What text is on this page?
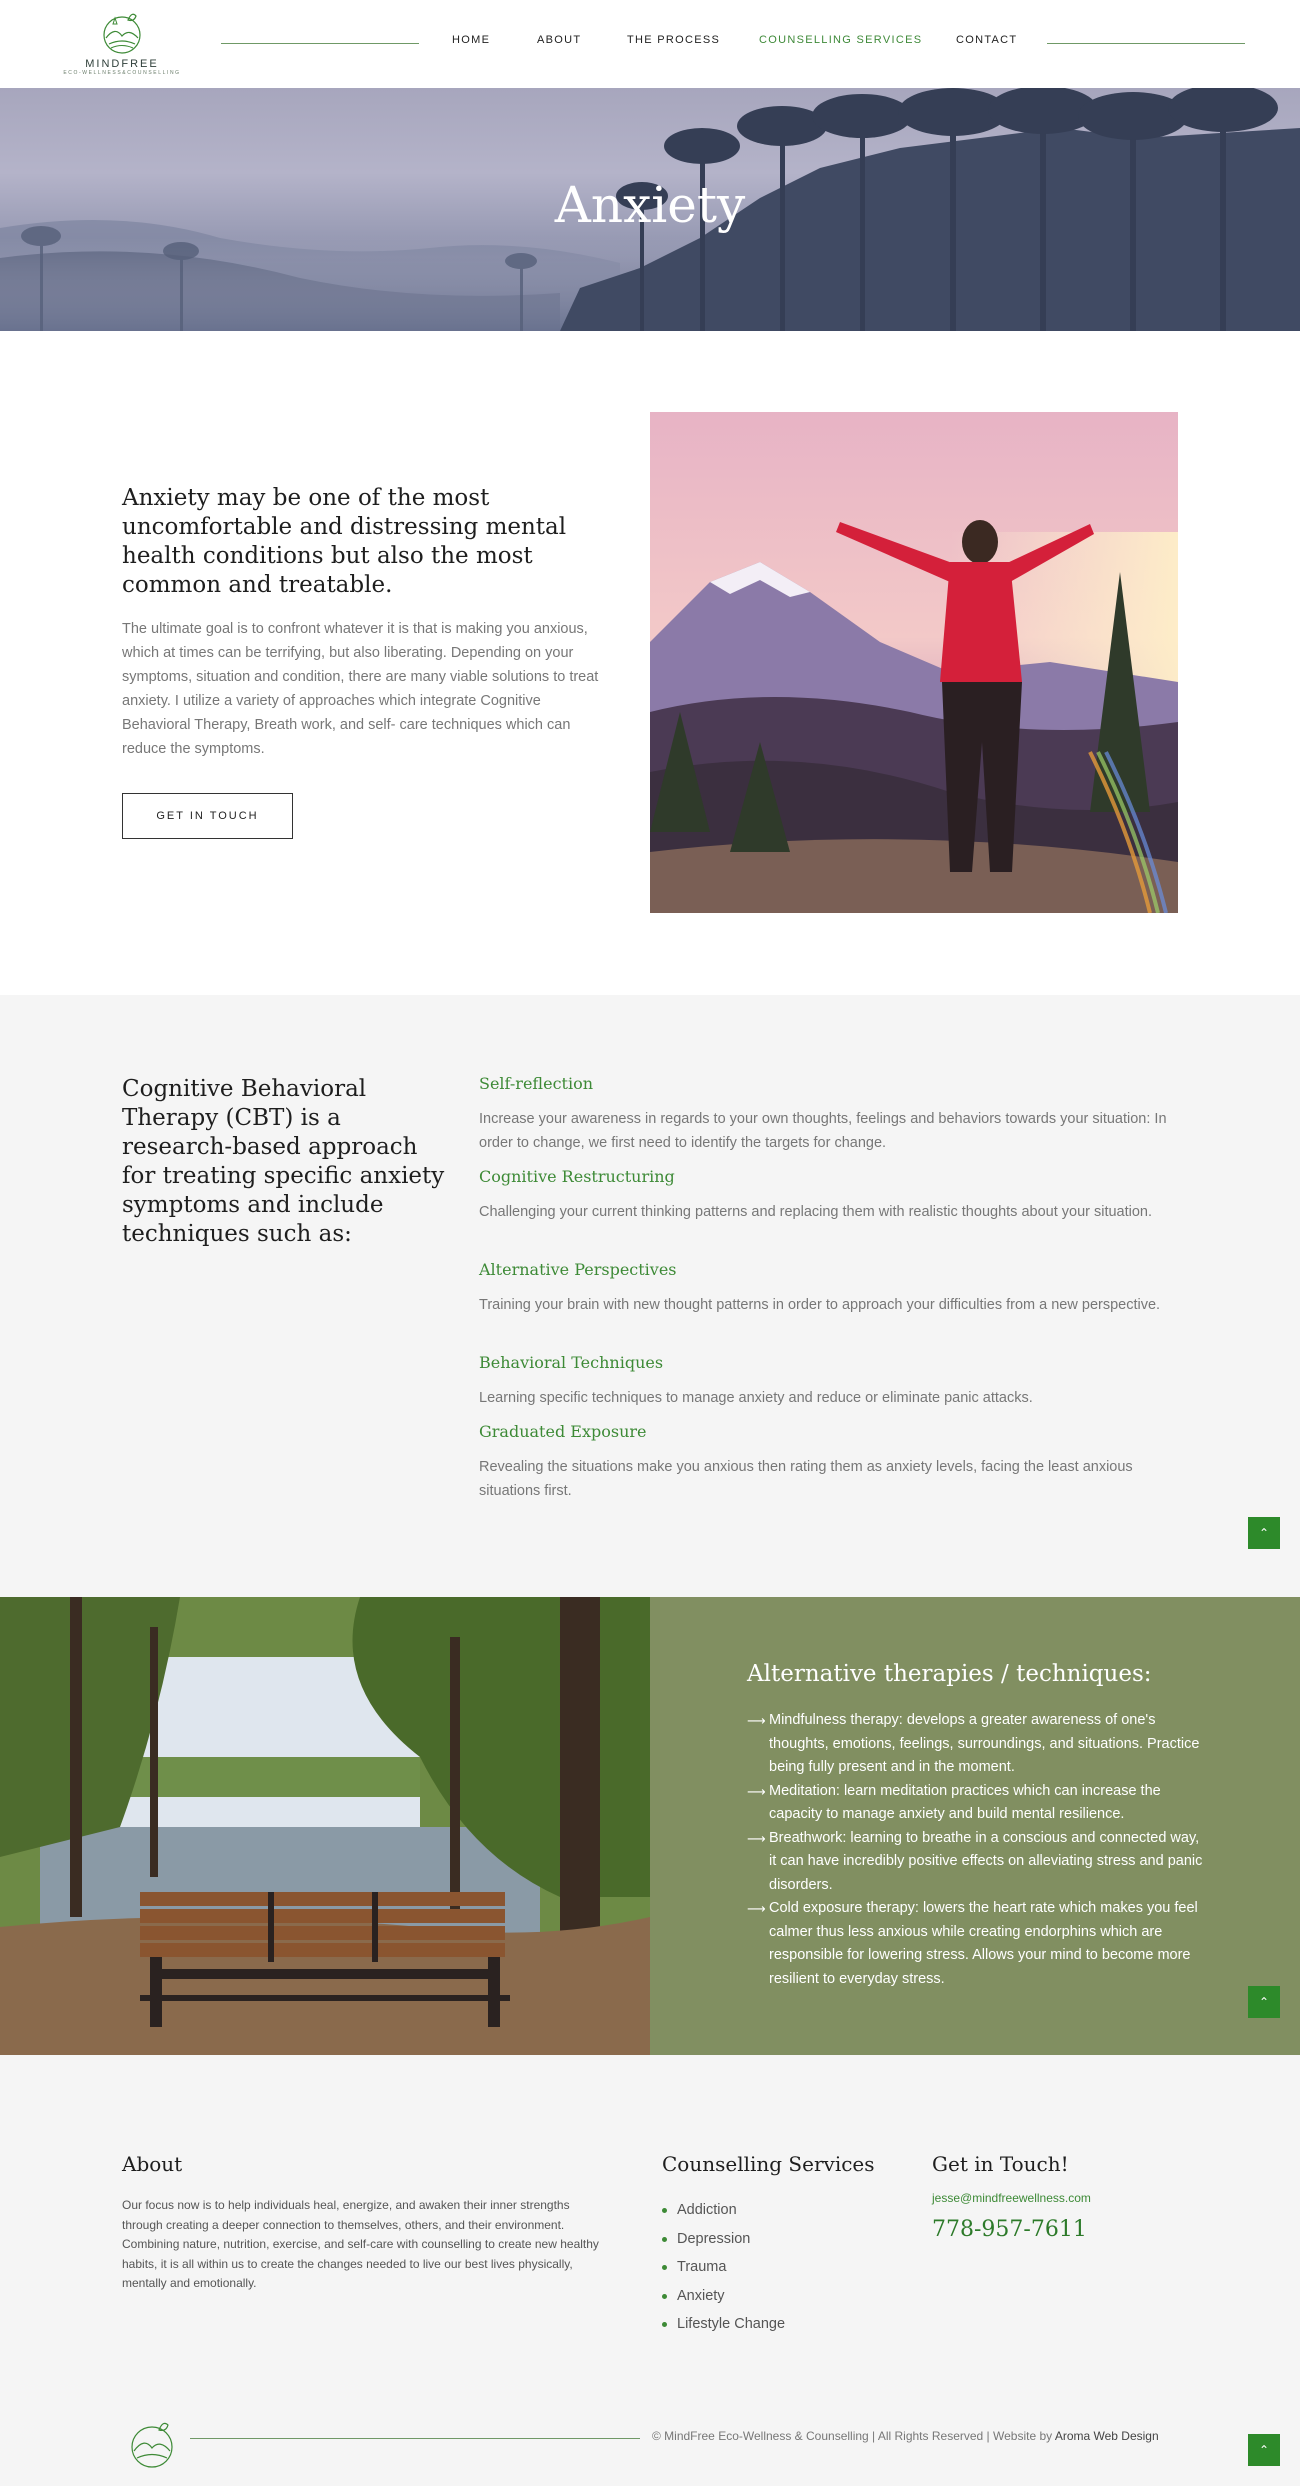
MINDFREE
ECO-WELLNESS&COUNSELLING
HOME	ABOUT	THE PROCESS	COUNSELLING SERVICES	CONTACT
Anxiety
Anxiety may be one of the most uncomfortable and distressing mental health conditions but also the most common and treatable.

The ultimate goal is to confront whatever it is that is making you anxious, which at times can be terrifying, but also liberating. Depending on your symptoms, situation and condition, there are many viable solutions to treat anxiety. I utilize a variety of approaches which integrate Cognitive Behavioral Therapy, Breath work, and self- care techniques which can reduce the symptoms.

GET IN TOUCH
Cognitive Behavioral Therapy (CBT) is a research-based approach for treating specific anxiety symptoms and include techniques such as:
Self-reflection

Increase your awareness in regards to your own thoughts, feelings and behaviors towards your situation: In order to change, we first need to identify the targets for change.

Cognitive Restructuring

Challenging your current thinking patterns and replacing them with realistic thoughts about your situation.

Alternative Perspectives

Training your brain with new thought patterns in order to approach your difficulties from a new perspective.

Behavioral Techniques

Learning specific techniques to manage anxiety and reduce or eliminate panic attacks.

Graduated Exposure

Revealing the situations make you anxious then rating them as anxiety levels, facing the least anxious situations first.

⌃
Alternative therapies / techniques:
⟶ Mindfulness therapy: develops a greater awareness of one's thoughts, emotions, feelings, surroundings, and situations. Practice being fully present and in the moment.
⟶ Meditation: learn meditation practices which can increase the capacity to manage anxiety and build mental resilience.
⟶ Breathwork: learning to breathe in a conscious and connected way, it can have incredibly positive effects on alleviating stress and panic disorders.
⟶ Cold exposure therapy: lowers the heart rate which makes you feel calmer thus less anxious while creating endorphins which are responsible for lowering stress. Allows your mind to become more resilient to everyday stress.
⌃
About

Our focus now is to help individuals heal, energize, and awaken their inner strengths through creating a deeper connection to themselves, others, and their environment. Combining nature, nutrition, exercise, and self-care with counselling to create new healthy habits, it is all within us to create the changes needed to live our best lives physically, mentally and emotionally.

Counselling Services
Addiction
Depression
Trauma
Anxiety
Lifestyle Change
Get in Touch!
jesse@mindfreewellness.com
778-957-7611
© MindFree Eco-Wellness & Counselling | All Rights Reserved | Website by Aroma Web Design
⌃
